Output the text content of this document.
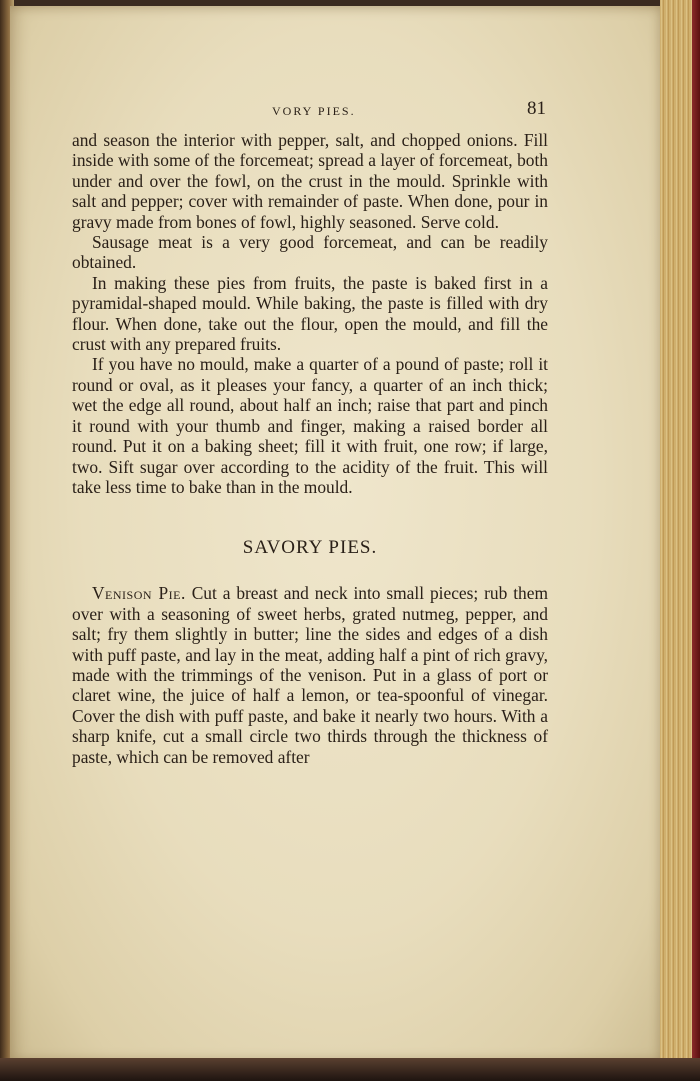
VORY PIES.	81

and season the interior with pepper, salt, and chopped onions. Fill inside with some of the forcemeat; spread a layer of forcemeat, both under and over the fowl, on the crust in the mould. Sprinkle with salt and pepper; cover with remainder of paste. When done, pour in gravy made from bones of fowl, highly seasoned. Serve cold.

Sausage meat is a very good forcemeat, and can be readily obtained.

In making these pies from fruits, the paste is baked first in a pyramidal-shaped mould. While baking, the paste is filled with dry flour. When done, take out the flour, open the mould, and fill the crust with any prepared fruits.

If you have no mould, make a quarter of a pound of paste; roll it round or oval, as it pleases your fancy, a quarter of an inch thick; wet the edge all round, about half an inch; raise that part and pinch it round with your thumb and finger, making a raised border all round. Put it on a baking sheet; fill it with fruit, one row; if large, two. Sift sugar over according to the acidity of the fruit. This will take less time to bake than in the mould.

SAVORY PIES.

Venison Pie. Cut a breast and neck into small pieces; rub them over with a seasoning of sweet herbs, grated nutmeg, pepper, and salt; fry them slightly in butter; line the sides and edges of a dish with puff paste, and lay in the meat, adding half a pint of rich gravy, made with the trimmings of the venison. Put in a glass of port or claret wine, the juice of half a lemon, or tea-spoonful of vinegar. Cover the dish with puff paste, and bake it nearly two hours. With a sharp knife, cut a small circle two thirds through the thickness of paste, which can be removed after
